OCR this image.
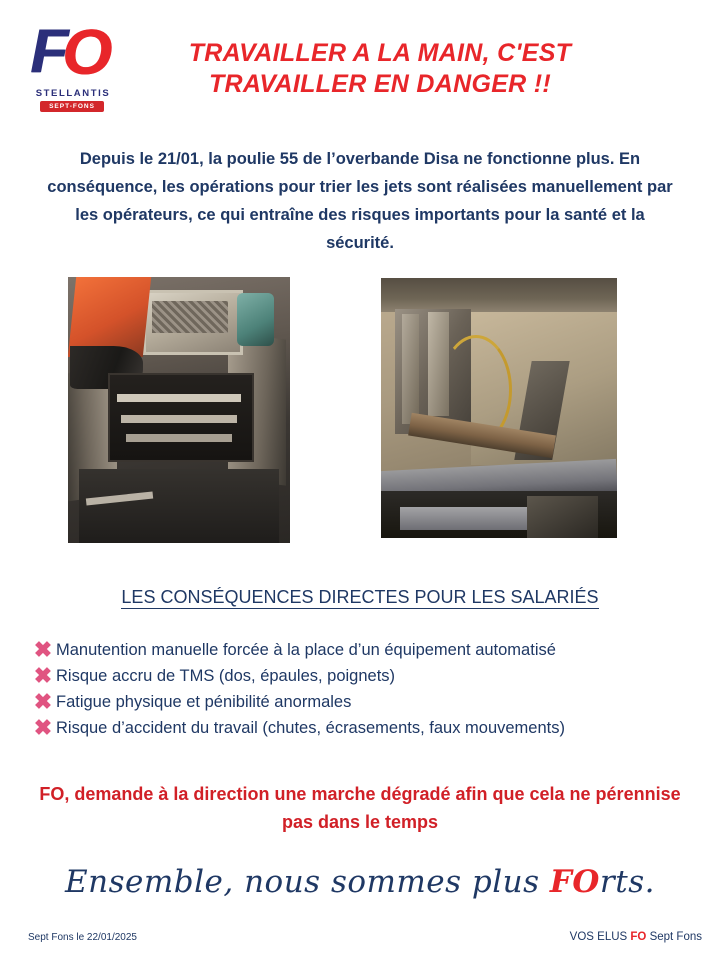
F
O
STELLANTIS
SEPT-FONS
TRAVAILLER A LA MAIN, C'EST
TRAVAILLER EN DANGER !!
Depuis le 21/01, la poulie 55 de l’overbande Disa ne fonctionne plus. En conséquence, les opérations pour trier les jets sont réalisées manuellement par les opérateurs, ce qui entraîne des risques importants pour la santé et la sécurité.
LES CONSÉQUENCES DIRECTES POUR LES SALARIÉS
✖ Manutention manuelle forcée à la place d’un équipement automatisé
✖ Risque accru de TMS (dos, épaules, poignets)
✖ Fatigue physique et pénibilité anormales
✖ Risque d’accident du travail (chutes, écrasements, faux mouvements)
FO, demande à la direction une marche dégradé afin que cela ne pérennise pas dans le temps
Ensemble, nous sommes plus FOrts.
Sept Fons le 22/01/2025	VOS ELUS FO Sept Fons
